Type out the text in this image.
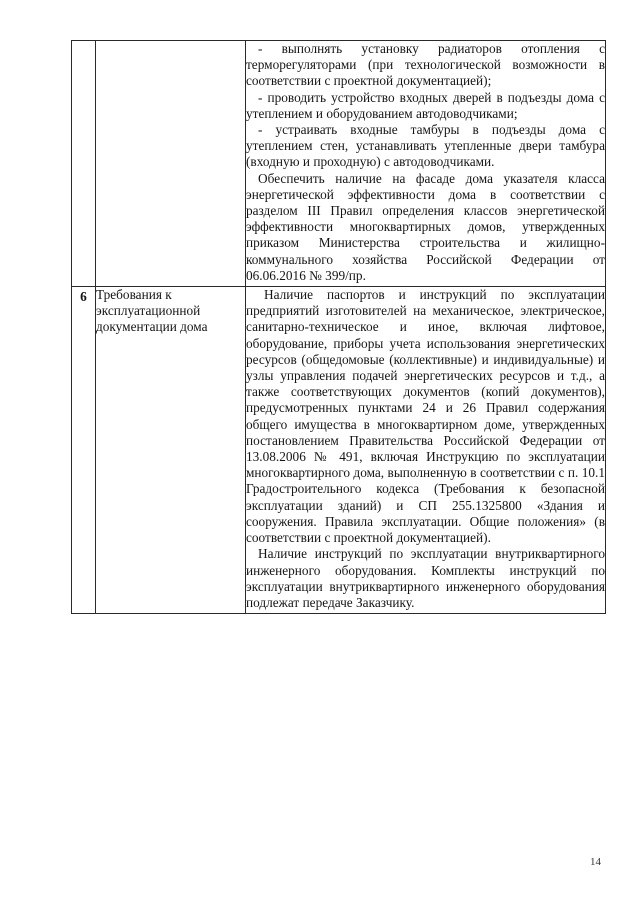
		- выполнять установку радиаторов отопления с терморегуляторами (при технологической возможности в соответствии с проектной документацией);

- проводить устройство входных дверей в подъезды дома с утеплением и оборудованием автодоводчиками;

- устраивать входные тамбуры в подъезды дома с утеплением стен, устанавливать утепленные двери тамбура (входную и проходную) с автодоводчиками.

Обеспечить наличие на фасаде дома указателя класса энергетической эффективности дома в соответствии с разделом III Правил определения классов энергетической эффективности многоквартирных домов, утвержденных приказом Министерства строительства и жилищно-коммунального хозяйства Российской Федерации от 06.06.2016 № 399/пр.

6	Требования к эксплуатационной документации дома	Наличие паспортов и инструкций по эксплуатации предприятий изготовителей на механическое, электрическое, санитарно-техническое и иное, включая лифтовое, оборудование, приборы учета использования энергетических ресурсов (общедомовые (коллективные) и индивидуальные) и узлы управления подачей энергетических ресурсов и т.д., а также соответствующих документов (копий документов), предусмотренных пунктами 24 и 26 Правил содержания общего имущества в многоквартирном доме, утвержденных постановлением Правительства Российской Федерации от 13.08.2006 № 491, включая Инструкцию по эксплуатации многоквартирного дома, выполненную в соответствии с п. 10.1 Градостроительного кодекса (Требования к безопасной эксплуатации зданий) и СП 255.1325800 «Здания и сооружения. Правила эксплуатации. Общие положения» (в соответствии с проектной документацией).

Наличие инструкций по эксплуатации внутриквартирного инженерного оборудования. Комплекты инструкций по эксплуатации внутриквартирного инженерного оборудования подлежат передаче Заказчику.

14
